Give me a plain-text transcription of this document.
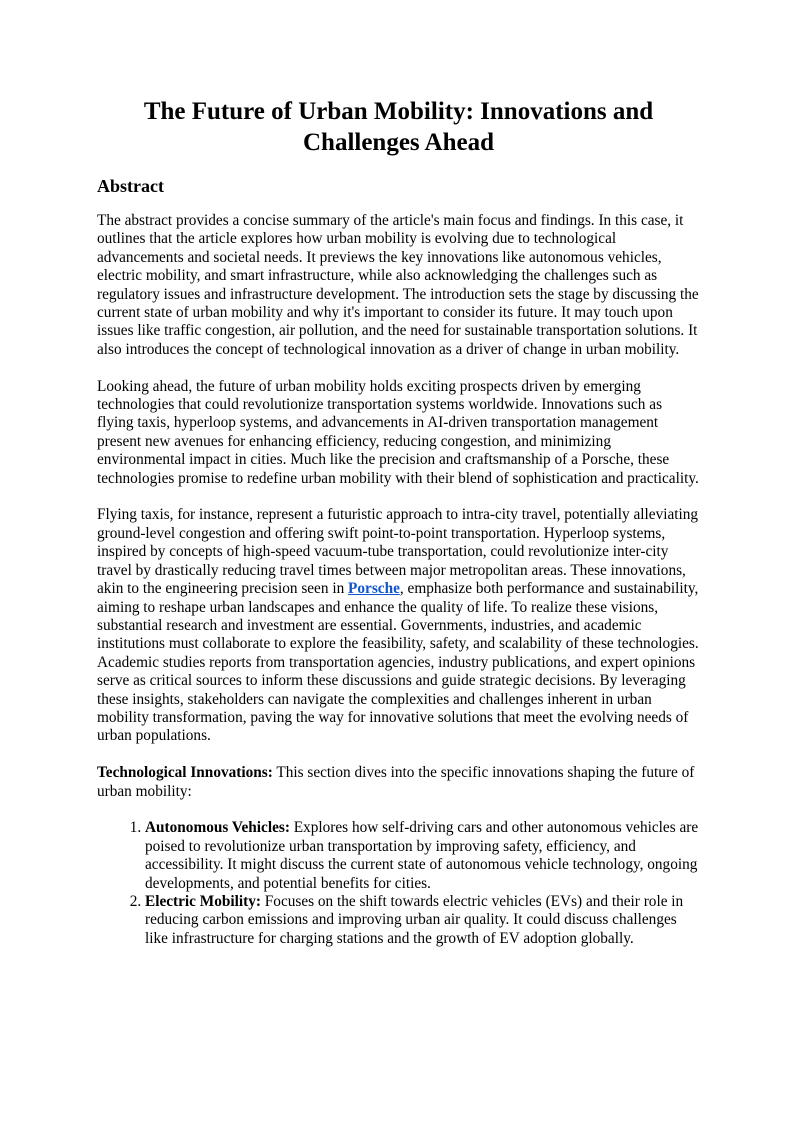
The Future of Urban Mobility: Innovations and Challenges Ahead
Abstract

The abstract provides a concise summary of the article's main focus and findings. In this case, it outlines that the article explores how urban mobility is evolving due to technological advancements and societal needs. It previews the key innovations like autonomous vehicles, electric mobility, and smart infrastructure, while also acknowledging the challenges such as regulatory issues and infrastructure development. The introduction sets the stage by discussing the current state of urban mobility and why it's important to consider its future. It may touch upon issues like traffic congestion, air pollution, and the need for sustainable transportation solutions. It also introduces the concept of technological innovation as a driver of change in urban mobility.

Looking ahead, the future of urban mobility holds exciting prospects driven by emerging technologies that could revolutionize transportation systems worldwide. Innovations such as flying taxis, hyperloop systems, and advancements in AI-driven transportation management present new avenues for enhancing efficiency, reducing congestion, and minimizing environmental impact in cities. Much like the precision and craftsmanship of a Porsche, these technologies promise to redefine urban mobility with their blend of sophistication and practicality.

Flying taxis, for instance, represent a futuristic approach to intra-city travel, potentially alleviating ground-level congestion and offering swift point-to-point transportation. Hyperloop systems, inspired by concepts of high-speed vacuum-tube transportation, could revolutionize inter-city travel by drastically reducing travel times between major metropolitan areas. These innovations, akin to the engineering precision seen in Porsche, emphasize both performance and sustainability, aiming to reshape urban landscapes and enhance the quality of life. To realize these visions, substantial research and investment are essential. Governments, industries, and academic institutions must collaborate to explore the feasibility, safety, and scalability of these technologies. Academic studies reports from transportation agencies, industry publications, and expert opinions serve as critical sources to inform these discussions and guide strategic decisions. By leveraging these insights, stakeholders can navigate the complexities and challenges inherent in urban mobility transformation, paving the way for innovative solutions that meet the evolving needs of urban populations.

Technological Innovations: This section dives into the specific innovations shaping the future of urban mobility:

1. Autonomous Vehicles: Explores how self-driving cars and other autonomous vehicles are poised to revolutionize urban transportation by improving safety, efficiency, and accessibility. It might discuss the current state of autonomous vehicle technology, ongoing developments, and potential benefits for cities.
2. Electric Mobility: Focuses on the shift towards electric vehicles (EVs) and their role in reducing carbon emissions and improving urban air quality. It could discuss challenges like infrastructure for charging stations and the growth of EV adoption globally.
